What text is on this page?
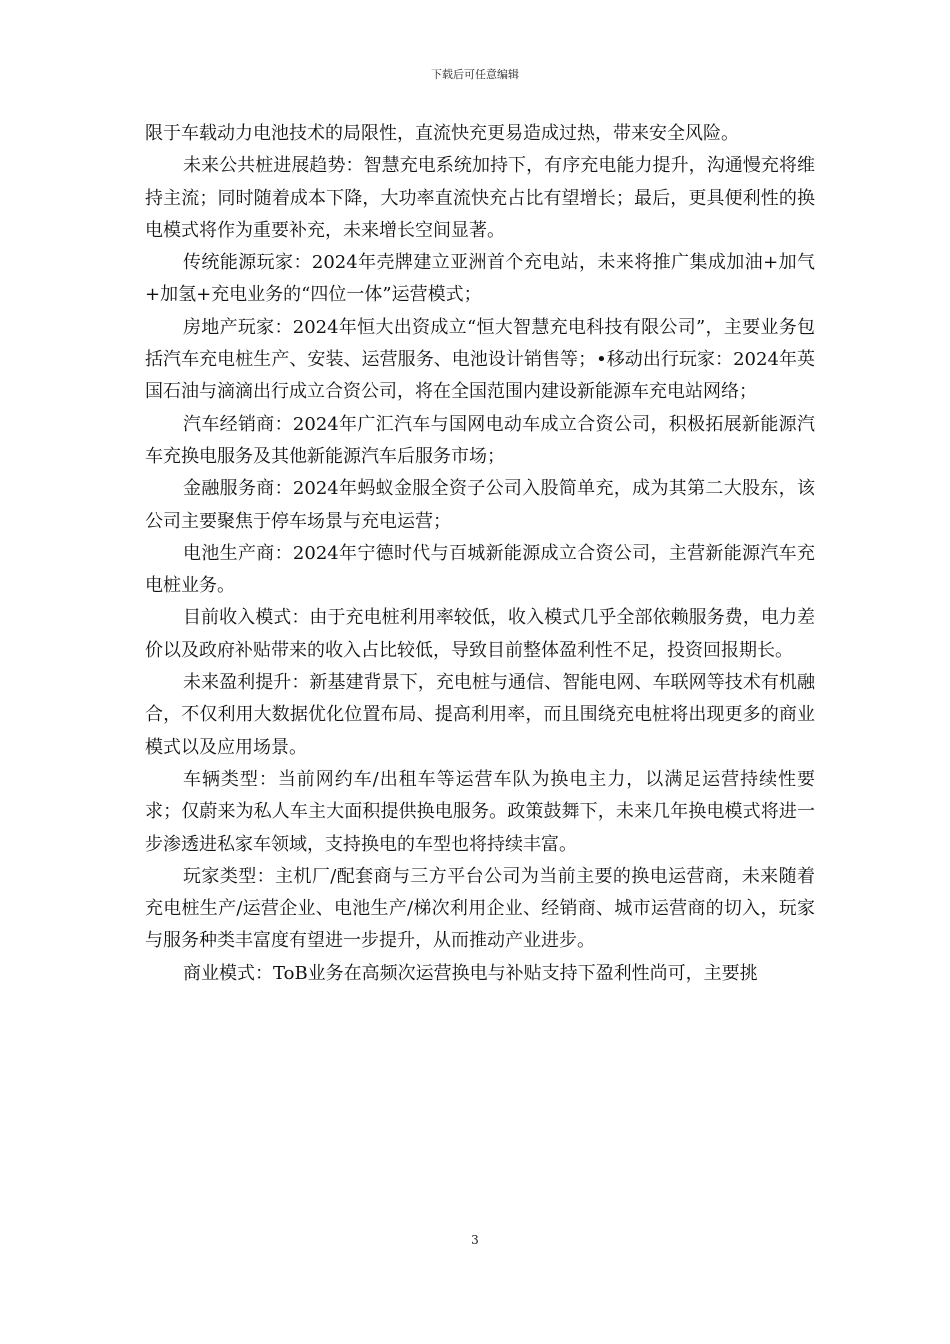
下载后可任意编辑

限于车载动力电池技术的局限性，直流快充更易造成过热，带来安全风险。

未来公共桩进展趋势：智慧充电系统加持下，有序充电能力提升，沟通慢充将维持主流；同时随着成本下降，大功率直流快充占比有望增长；最后，更具便利性的换电模式将作为重要补充，未来增长空间显著。

传统能源玩家：2024年壳牌建立亚洲首个充电站，未来将推广集成加油+加气+加氢+充电业务的“四位一体”运营模式；

房地产玩家：2024年恒大出资成立“恒大智慧充电科技有限公司”，主要业务包括汽车充电桩生产、安装、运营服务、电池设计销售等；•移动出行玩家：2024年英国石油与滴滴出行成立合资公司，将在全国范围内建设新能源车充电站网络；

汽车经销商：2024年广汇汽车与国网电动车成立合资公司，积极拓展新能源汽车充换电服务及其他新能源汽车后服务市场；

金融服务商：2024年蚂蚁金服全资子公司入股简单充，成为其第二大股东，该公司主要聚焦于停车场景与充电运营；

电池生产商：2024年宁德时代与百城新能源成立合资公司，主营新能源汽车充电桩业务。

目前收入模式：由于充电桩利用率较低，收入模式几乎全部依赖服务费，电力差价以及政府补贴带来的收入占比较低，导致目前整体盈利性不足，投资回报期长。

未来盈利提升：新基建背景下，充电桩与通信、智能电网、车联网等技术有机融合，不仅利用大数据优化位置布局、提高利用率，而且围绕充电桩将出现更多的商业模式以及应用场景。

车辆类型：当前网约车/出租车等运营车队为换电主力，以满足运营持续性要求；仅蔚来为私人车主大面积提供换电服务。政策鼓舞下，未来几年换电模式将进一步渗透进私家车领域，支持换电的车型也将持续丰富。

玩家类型：主机厂/配套商与三方平台公司为当前主要的换电运营商，未来随着充电桩生产/运营企业、电池生产/梯次利用企业、经销商、城市运营商的切入，玩家与服务种类丰富度有望进一步提升，从而推动产业进步。

商业模式：ToB业务在高频次运营换电与补贴支持下盈利性尚可，主要挑

3
